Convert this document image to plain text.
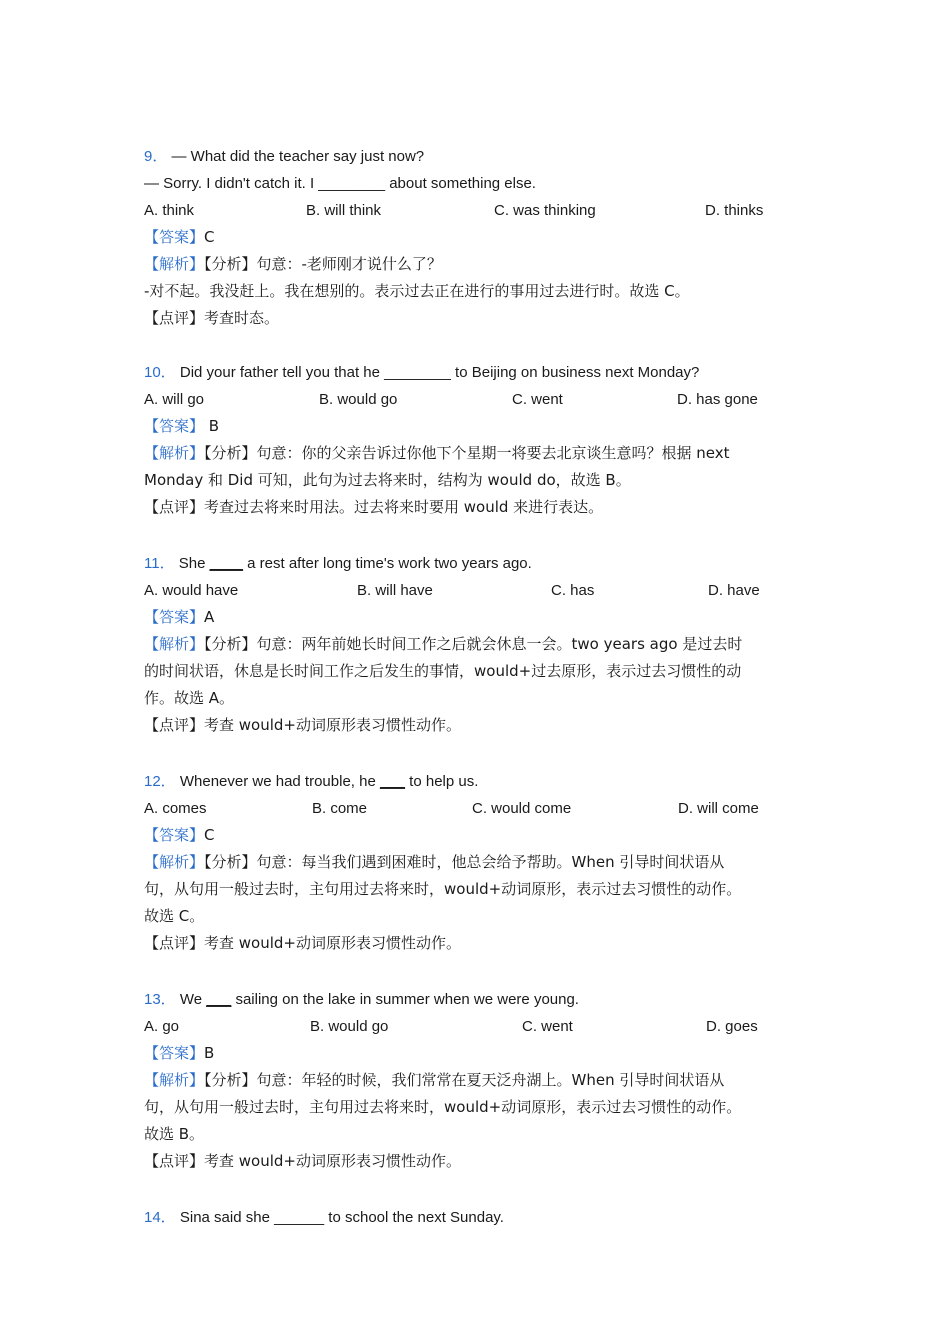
9． — What did the teacher say just now?
— Sorry. I didn't catch it. I ________ about something else.
A. think	B. will think	C. was thinking	D. thinks
【答案】C
【解析】【分析】句意：-老师刚才说什么了？
-对不起。我没赶上。我在想别的。表示过去正在进行的事用过去进行时。故选 C。
【点评】考查时态。
10． Did your father tell you that he ________ to Beijing on business next Monday?
A. will go	B. would go	C. went	D. has gone
【答案】 B
【解析】【分析】句意：你的父亲告诉过你他下个星期一将要去北京谈生意吗？根据 next
Monday 和 Did 可知，此句为过去将来时，结构为 would do，故选 B。
【点评】考查过去将来时用法。过去将来时要用 would 来进行表达。
11． She ____ a rest after long time's work two years ago.
A. would have	B. will have	C. has	D. have
【答案】A
【解析】【分析】句意：两年前她长时间工作之后就会休息一会。two years ago 是过去时
的时间状语，休息是长时间工作之后发生的事情，would+过去原形，表示过去习惯性的动
作。故选 A。
【点评】考查 would+动词原形表习惯性动作。
12． Whenever we had trouble, he ___ to help us.
A. comes	B. come	C. would come	D. will come
【答案】C
【解析】【分析】句意：每当我们遇到困难时，他总会给予帮助。When 引导时间状语从
句，从句用一般过去时，主句用过去将来时，would+动词原形，表示过去习惯性的动作。
故选 C。
【点评】考查 would+动词原形表习惯性动作。
13． We ___ sailing on the lake in summer when we were young.
A. go	B. would go	C. went	D. goes
【答案】B
【解析】【分析】句意：年轻的时候，我们常常在夏天泛舟湖上。When 引导时间状语从
句，从句用一般过去时，主句用过去将来时，would+动词原形，表示过去习惯性的动作。
故选 B。
【点评】考查 would+动词原形表习惯性动作。
14． Sina said she ______ to school the next Sunday.
